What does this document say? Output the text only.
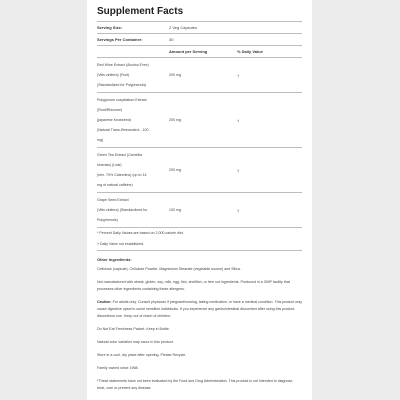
Supplement Facts
Serving Size:	2 Veg Capsules
Servings Per Container:	30
Amount per Serving	% Daily Value
Red Wine Extract (Alcohol-Free)
(Vitis vinifera) (Fruit)
(Standardized for Polyphenols)
200 mg	†
Polygonum cuspidatum Extract
(Root/Rhizome)
(japanese Knotweed)
(Natural Trans-Resveratrol - 100
mg)
200 mg	†
Green Tea Extract (Camellia
sinensis) (Leaf)
(min. 70% Catechins) (up to 14
mg of natural caffeine)
200 mg	†
Grape Seed Extract
(Vitis vinifera) (Standardized for
Polyphenols)
100 mg	†
* Percent Daily Values are based on 2,000 calorie diet.
† Daily Value not established.
Other Ingredients:
Cellulose (capsule), Cellulose Powder, Magnesium Stearate (vegetable source) and Silica.
Not manufactured with wheat, gluten, soy, milk, egg, fish, shellfish, or tree nut ingredients. Produced in a GMP facility that processes other ingredients containing these allergens.
Caution: For adults only. Consult physician if pregnant/nursing, taking medication, or have a medical condition. This product may cause digestive upset in some sensitive individuals. If you experience any gastrointestinal discomfort after using this product, discontinue use. Keep out of reach of children.
Do Not Eat Freshness Packet. Keep in Bottle.
Natural color variation may occur in this product.
Store in a cool, dry place after opening. Please Recycle.
Family owned since 1968.
*These statements have not been evaluated by the Food and Drug Administration. This product is not intended to diagnose, treat, cure or prevent any disease.
